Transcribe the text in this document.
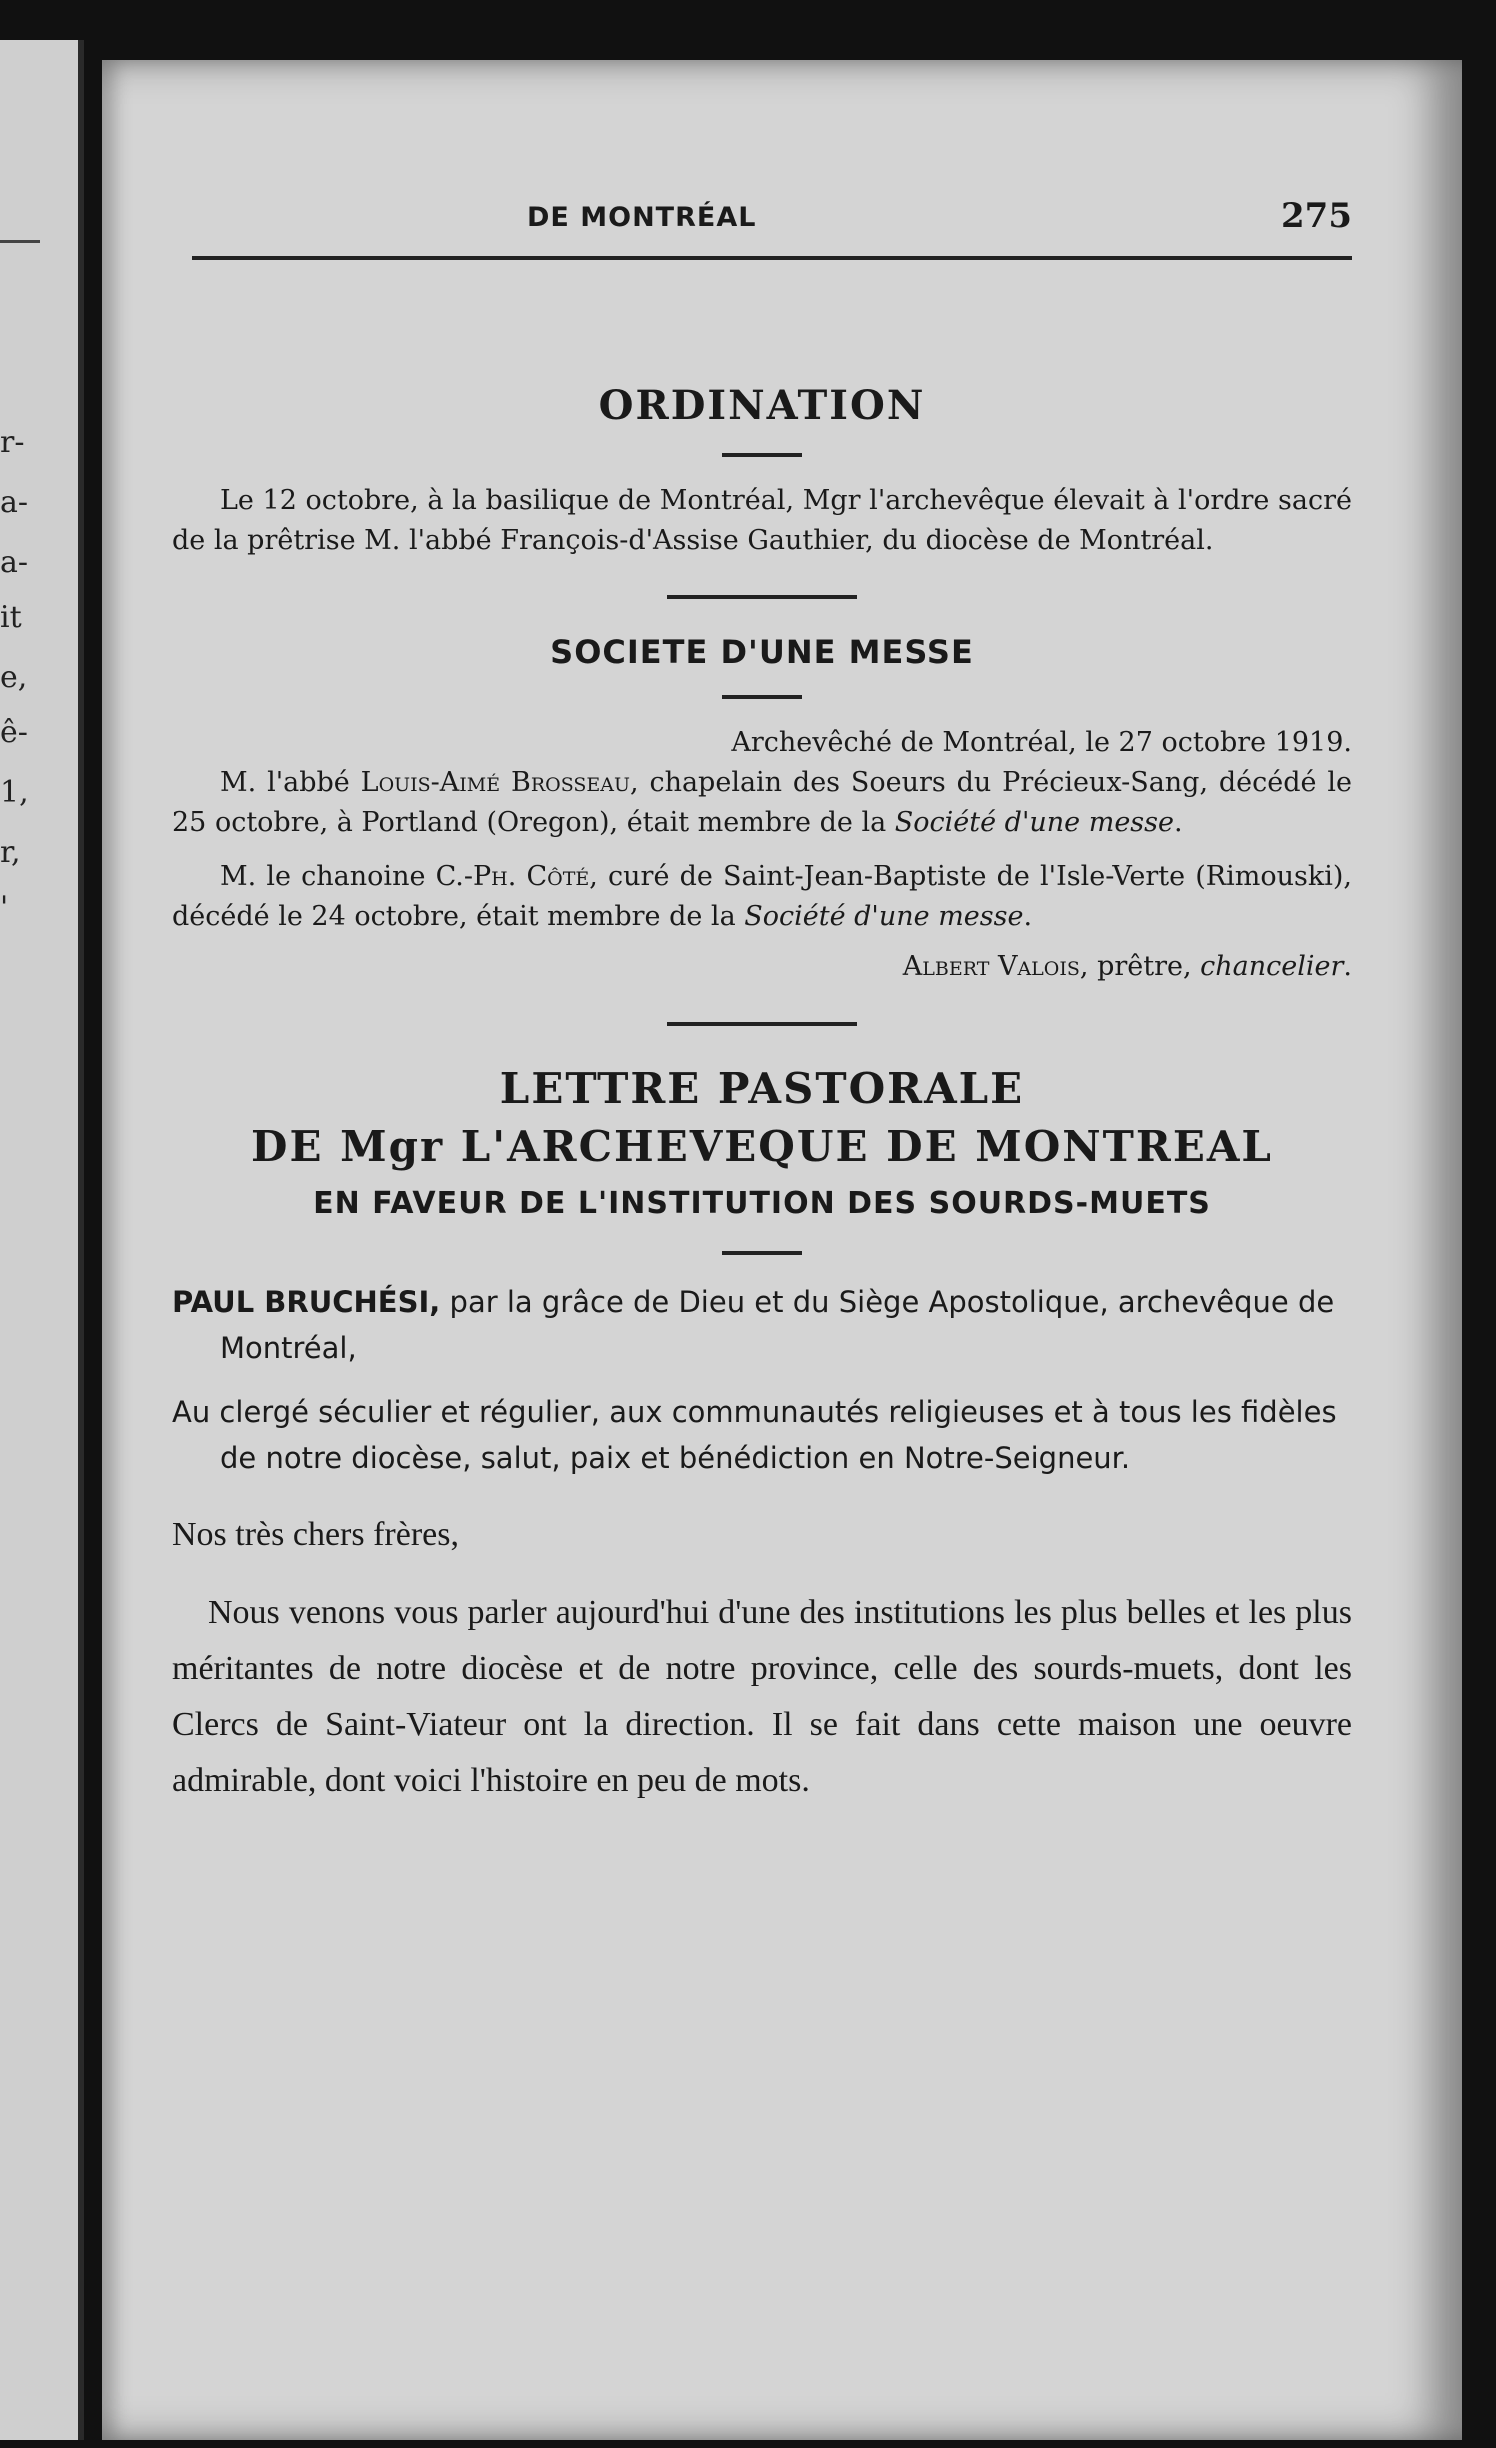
r-
a-
a-
it
e,
ê-
1,
r,
'
DE MONTRÉAL	275
ORDINATION

Le 12 octobre, à la basilique de Montréal, Mgr l'archevêque élevait à l'ordre sacré de la prêtrise M. l'abbé François-d'Assise Gauthier, du diocèse de Montréal.

SOCIETE D'UNE MESSE

Archevêché de Montréal, le 27 octobre 1919.

M. l'abbé Louis-Aimé Brosseau, chapelain des Soeurs du Précieux-Sang, décédé le 25 octobre, à Portland (Oregon), était membre de la Société d'une messe.

M. le chanoine C.-Ph. Côté, curé de Saint-Jean-Baptiste de l'Isle-Verte (Rimouski), décédé le 24 octobre, était membre de la Société d'une messe.

Albert Valois, prêtre, chancelier.

LETTRE PASTORALE
DE Mgr L'ARCHEVEQUE DE MONTREAL
EN FAVEUR DE L'INSTITUTION DES SOURDS-MUETS

PAUL BRUCHÉSI, par la grâce de Dieu et du Siège Apostolique, archevêque de Montréal,

Au clergé séculier et régulier, aux communautés religieuses et à tous les fidèles de notre diocèse, salut, paix et bénédiction en Notre-Seigneur.

Nos très chers frères,

Nous venons vous parler aujourd'hui d'une des institutions les plus belles et les plus méritantes de notre diocèse et de notre province, celle des sourds-muets, dont les Clercs de Saint-Viateur ont la direction. Il se fait dans cette maison une oeuvre admirable, dont voici l'histoire en peu de mots.
